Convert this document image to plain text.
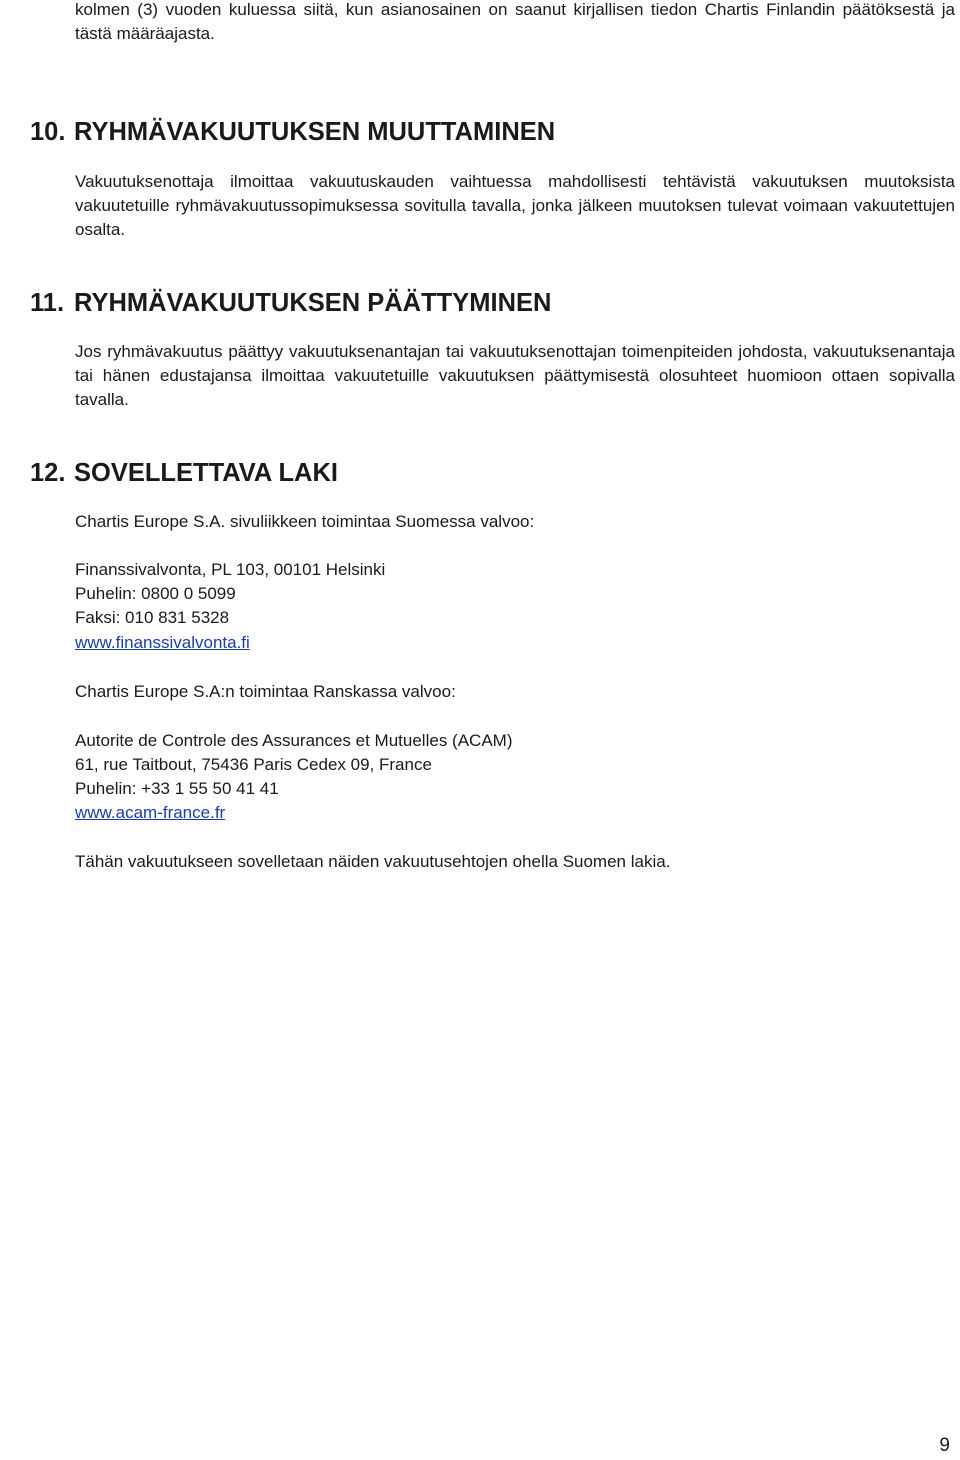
kolmen (3) vuoden kuluessa siitä, kun asianosainen on saanut kirjallisen tiedon Chartis Finlandin päätöksestä ja tästä määräajasta.

10. RYHMÄVAKUUTUKSEN MUUTTAMINEN

Vakuutuksenottaja ilmoittaa vakuutuskauden vaihtuessa mahdollisesti tehtävistä vakuutuksen muutoksista vakuutetuille ryhmävakuutussopimuksessa sovitulla tavalla, jonka jälkeen muutoksen tulevat voimaan vakuutettujen osalta.

11. RYHMÄVAKUUTUKSEN PÄÄTTYMINEN

Jos ryhmävakuutus päättyy vakuutuksenantajan tai vakuutuksenottajan toimenpiteiden johdosta, vakuutuksenantaja tai hänen edustajansa ilmoittaa vakuutetuille vakuutuksen päättymisestä olosuhteet huomioon ottaen sopivalla tavalla.

12. SOVELLETTAVA LAKI

Chartis Europe S.A. sivuliikkeen toimintaa Suomessa valvoo:

Finanssivalvonta, PL 103, 00101 Helsinki

Puhelin: 0800 0 5099

Faksi: 010 831 5328

www.finanssivalvonta.fi

Chartis Europe S.A:n toimintaa Ranskassa valvoo:

Autorite de Controle des Assurances et Mutuelles (ACAM)

61, rue Taitbout, 75436 Paris Cedex 09, France

Puhelin: +33 1 55 50 41 41

www.acam-france.fr

Tähän vakuutukseen sovelletaan näiden vakuutusehtojen ohella Suomen lakia.

9
